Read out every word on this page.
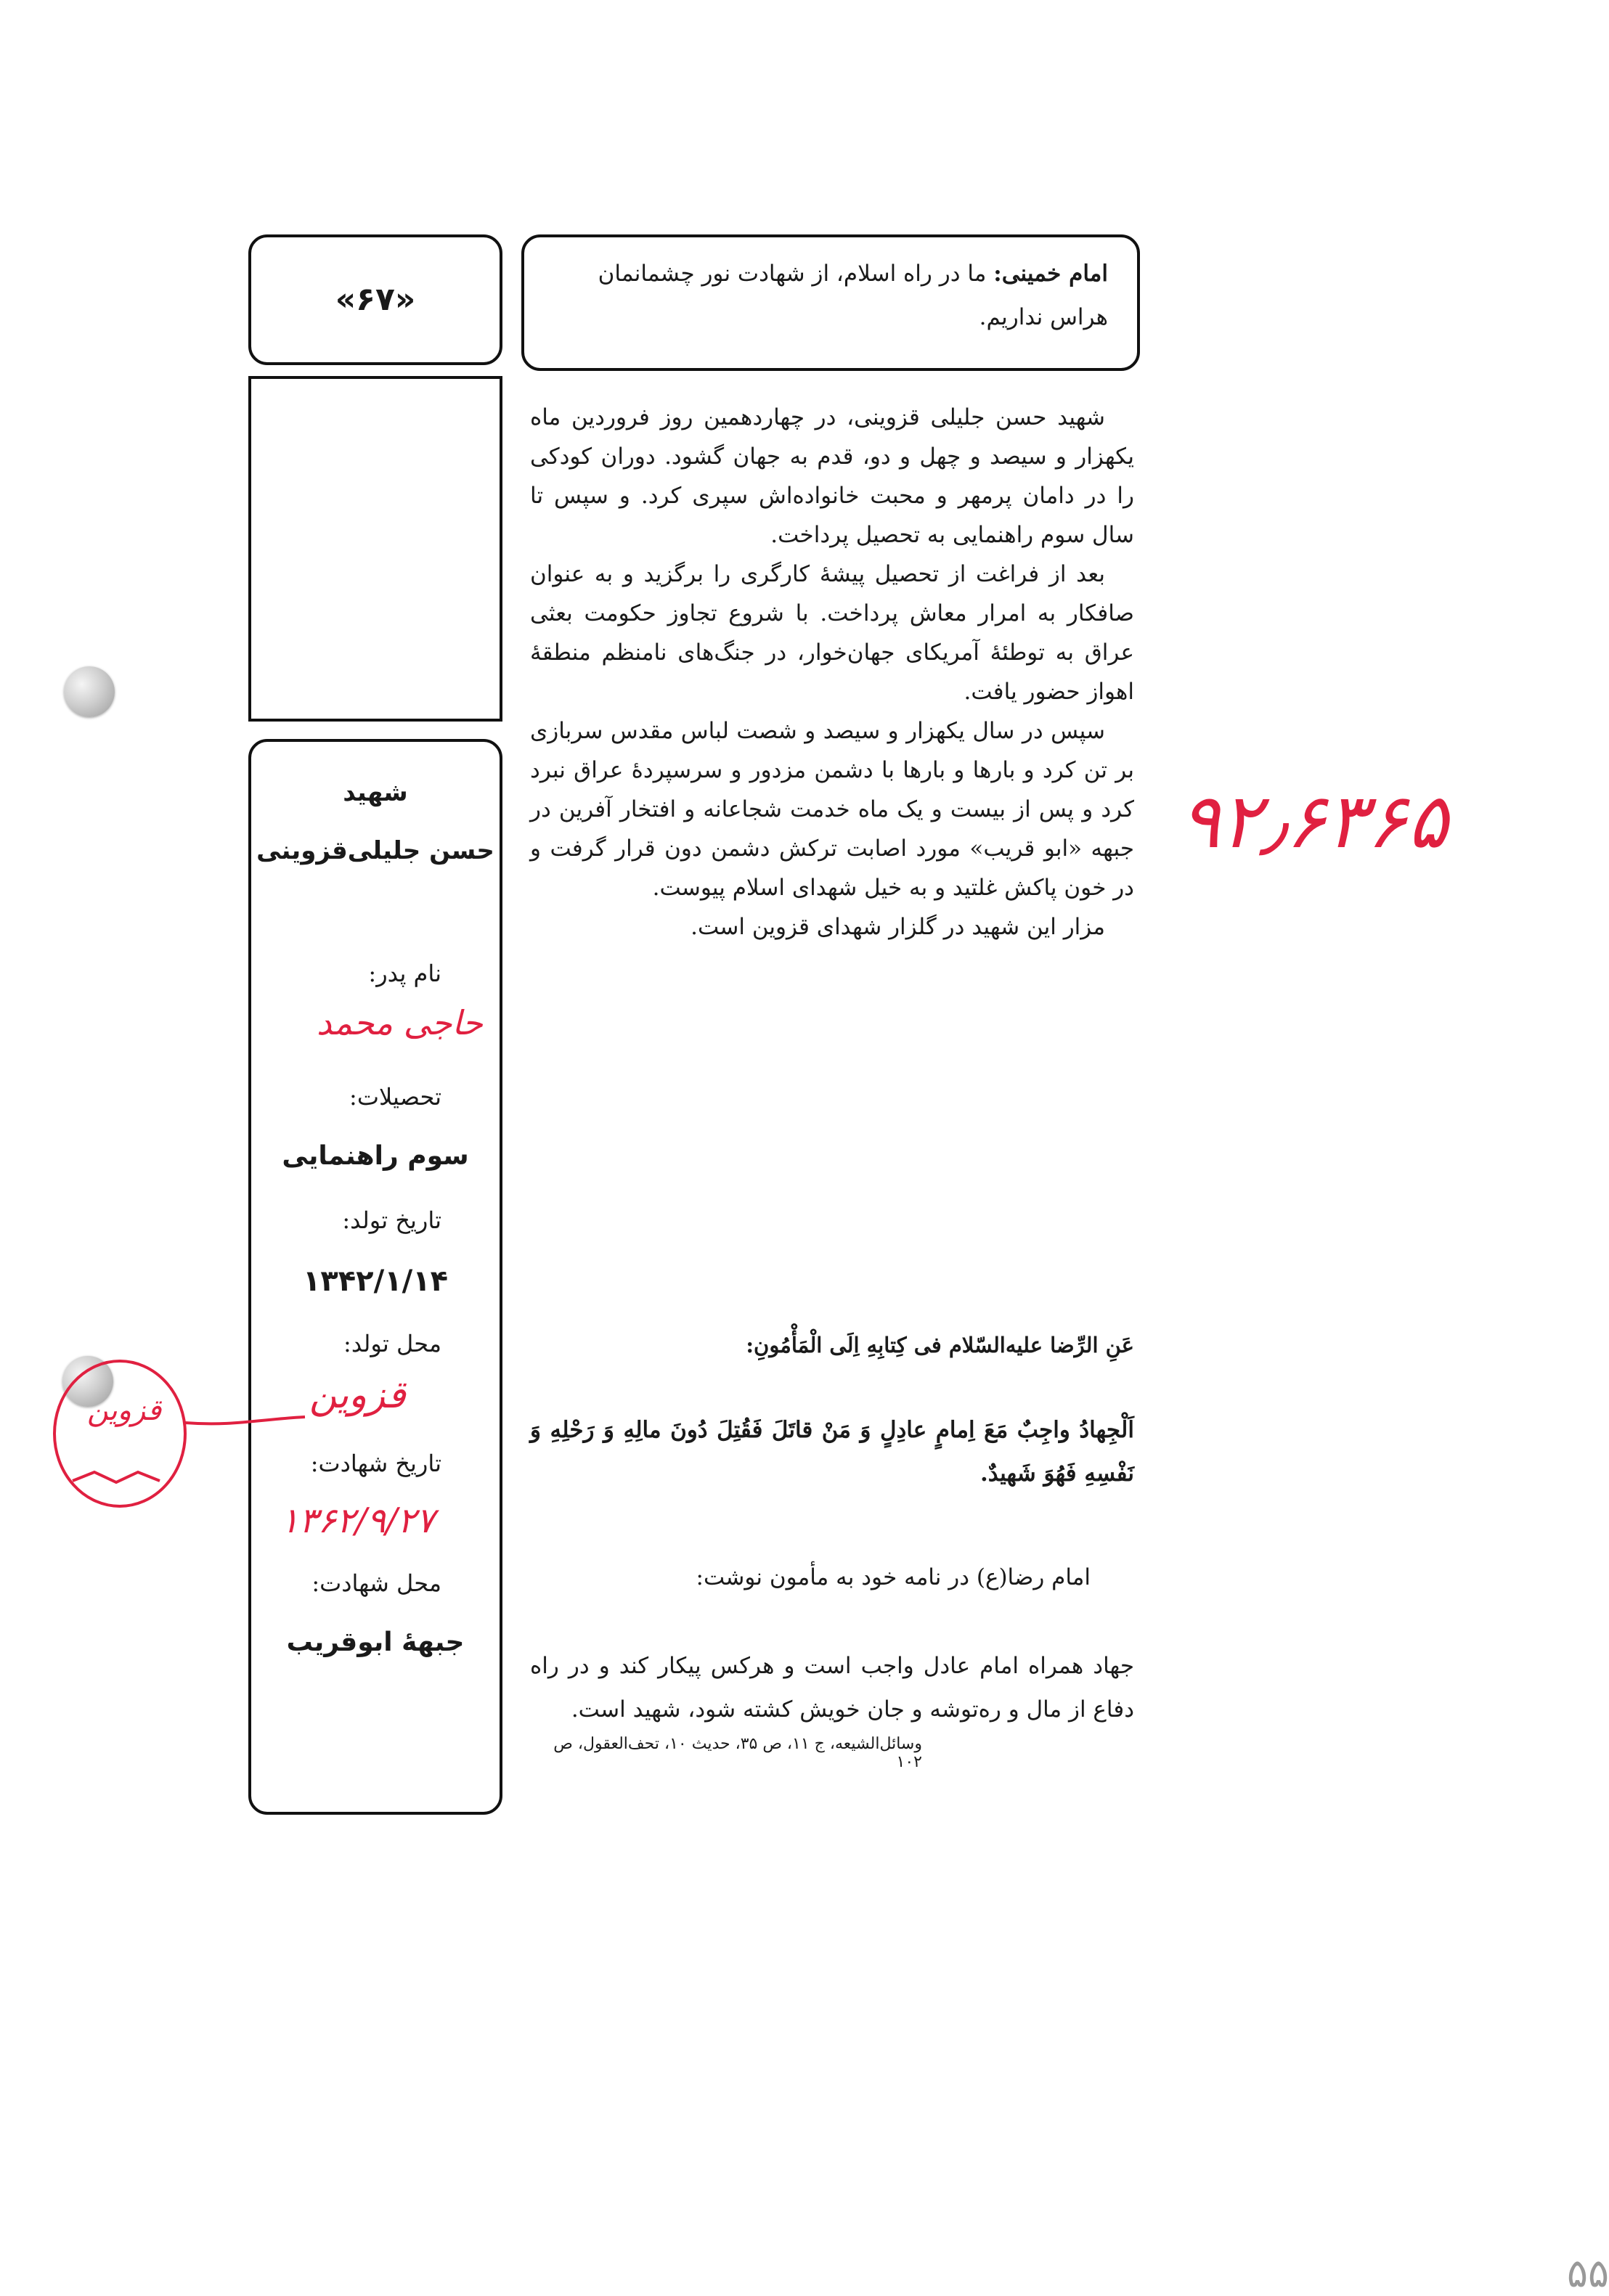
امام خمینی: ما در راه اسلام، از شهادت نور چشمانمان هراس نداریم.
«۶۷»
شهید
حسن جلیلی‌قزوینی
نام پدر:
حاجی محمد
تحصیلات:
سوم راهنمایی
تاریخ تولد:
۱۳۴۲/۱/۱۴
محل تولد:
قزوین
تاریخ شهادت:
۱۳۶۲/۹/۲۷
محل شهادت:
جبههٔ ابوقریب

شهید حسن جلیلی قزوینی، در چهاردهمین روز فروردین ماه یکهزار و سیصد و چهل و دو، قدم به جهان گشود. دوران کودکی را در دامان پرمهر و محبت خانواده‌اش سپری کرد. و سپس تا سال سوم راهنمایی به تحصیل پرداخت.

بعد از فراغت از تحصیل پیشهٔ کارگری را برگزید و به عنوان صافکار به امرار معاش پرداخت. با شروع تجاوز حکومت بعثی عراق به توطئهٔ آمریکای جهان‌خوار، در جنگ‌های نامنظم منطقهٔ اهواز حضور یافت.

سپس در سال یکهزار و سیصد و شصت لباس مقدس سربازی بر تن کرد و بارها و بارها با دشمن مزدور و سرسپردهٔ عراق نبرد کرد و پس از بیست و یک ماه خدمت شجاعانه و افتخار آفرین در جبهه «ابو قریب» مورد اصابت ترکش دشمن دون قرار گرفت و در خون پاکش غلتید و به خیل شهدای اسلام پیوست.

مزار این شهید در گلزار شهدای قزوین است.

عَنِ الرِّضا علیه‌السّلام فی کِتابِهِ اِلَی الْمَأْمُونِ:
اَلْجِهادُ واجِبٌ مَعَ اِمامٍ عادِلٍ وَ مَنْ قاتَلَ فَقُتِلَ دُونَ مالِهِ وَ رَحْلِهِ وَ نَفْسِهِ فَهُوَ شَهیدٌ.
امام رضا(ع) در نامه خود به مأمون نوشت:
جهاد همراه امام عادل واجب است و هرکس پیکار کند و در راه دفاع از مال و ره‌توشه و جان خویش کشته شود، شهید است.
وسائل‌الشیعه، ج ۱۱، ص ۳۵، حدیث ۱۰، تحف‌العقول، ص ۱۰۲
۹۲٫۶۳۶۵
قزوین
۵۵
